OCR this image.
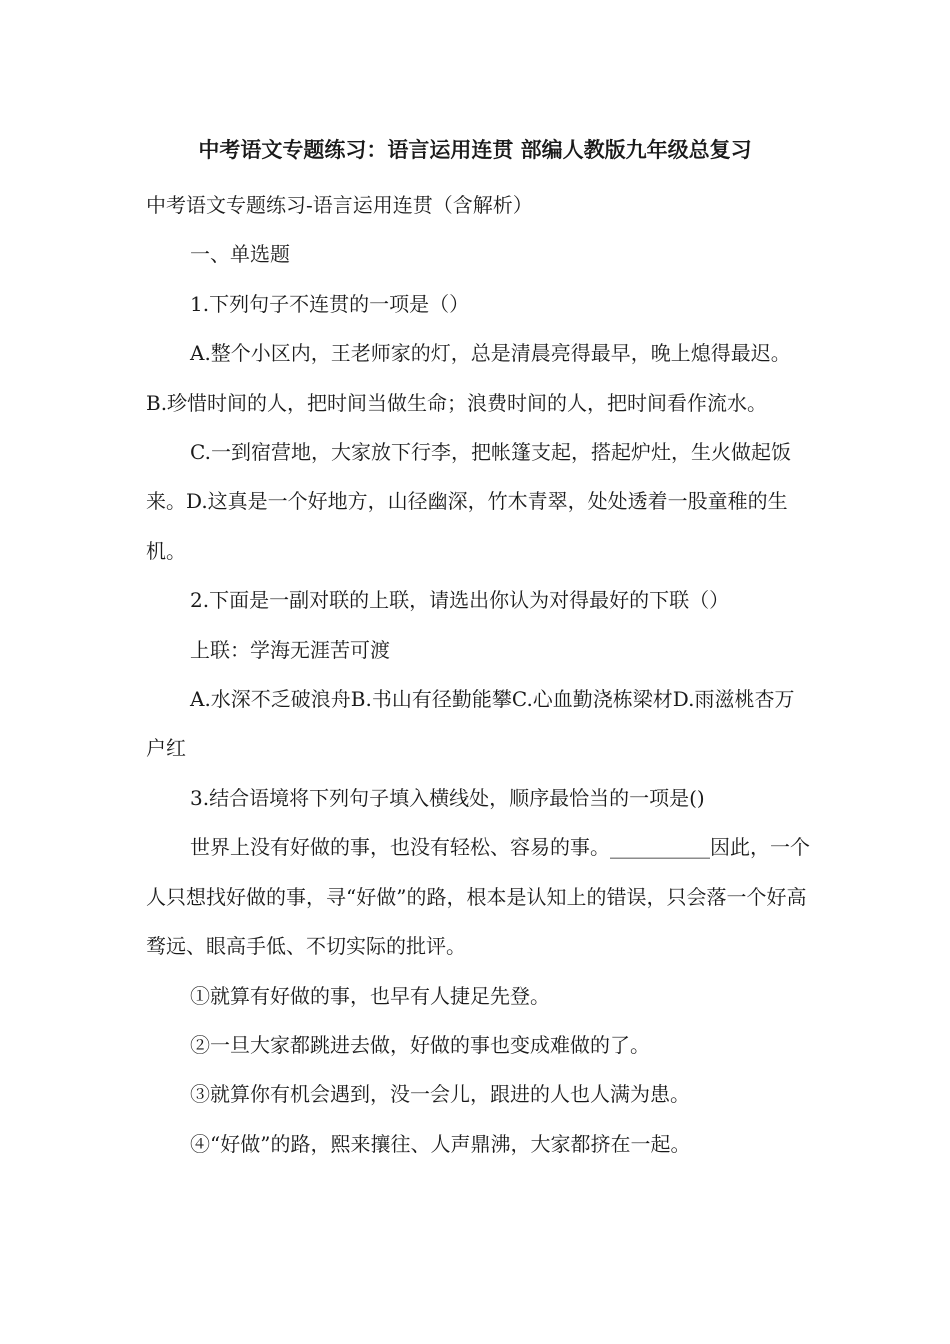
中考语文专题练习：语言运用连贯 部编人教版九年级总复习

中考语文专题练习-语言运用连贯（含解析）

一、单选题

1.下列句子不连贯的一项是（）

A.整个小区内，王老师家的灯，总是清晨亮得最早，晚上熄得最迟。B.珍惜时间的人，把时间当做生命；浪费时间的人，把时间看作流水。

C.一到宿营地，大家放下行李，把帐篷支起，搭起炉灶，生火做起饭来。D.这真是一个好地方，山径幽深，竹木青翠，处处透着一股童稚的生机。

2.下面是一副对联的上联，请选出你认为对得最好的下联（）

上联：学海无涯苦可渡

A.水深不乏破浪舟B.书山有径勤能攀C.心血勤浇栋梁材D.雨滋桃杏万户红

3.结合语境将下列句子填入横线处，顺序最恰当的一项是()

世界上没有好做的事，也没有轻松、容易的事。__________因此，一个人只想找好做的事，寻“好做”的路，根本是认知上的错误，只会落一个好高骛远、眼高手低、不切实际的批评。

①就算有好做的事，也早有人捷足先登。

②一旦大家都跳进去做，好做的事也变成难做的了。

③就算你有机会遇到，没一会儿，跟进的人也人满为患。

④“好做”的路，熙来攘往、人声鼎沸，大家都挤在一起。
